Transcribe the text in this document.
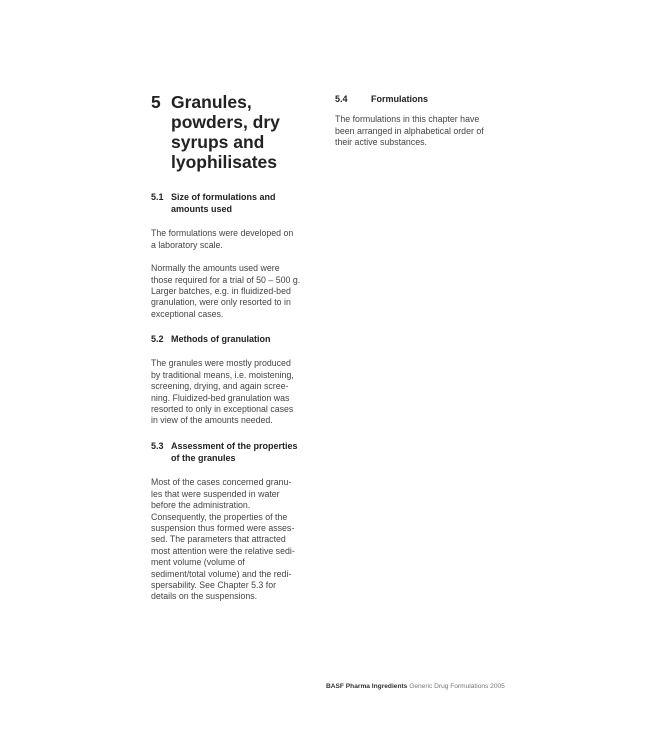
5 Granules,
powders, dry
syrups and
lyophilisates
5.1 Size of formulations and
amounts used

The formulations were developed on
a laboratory scale.

Normally the amounts used were
those required for a trial of 50 – 500 g.
Larger batches, e.g. in fluidized-bed
granulation, were only resorted to in
exceptional cases.

5.2 Methods of granulation

The granules were mostly produced
by traditional means, i.e. moistening,
screening, drying, and again scree-
ning. Fluidized-bed granulation was
resorted to only in exceptional cases
in view of the amounts needed.

5.3 Assessment of the properties
of the granules

Most of the cases concerned granu-
les that were suspended in water
before the administration.
Consequently, the properties of the
suspension thus formed were asses-
sed. The parameters that attracted
most attention were the relative sedi-
ment volume (volume of
sediment/total volume) and the redi-
spersability. See Chapter 5.3 for
details on the suspensions.

5.4	Formulations

The formulations in this chapter have
been arranged in alphabetical order of
their active substances.

BASF Pharma Ingredients Generic Drug Formulations 2005
